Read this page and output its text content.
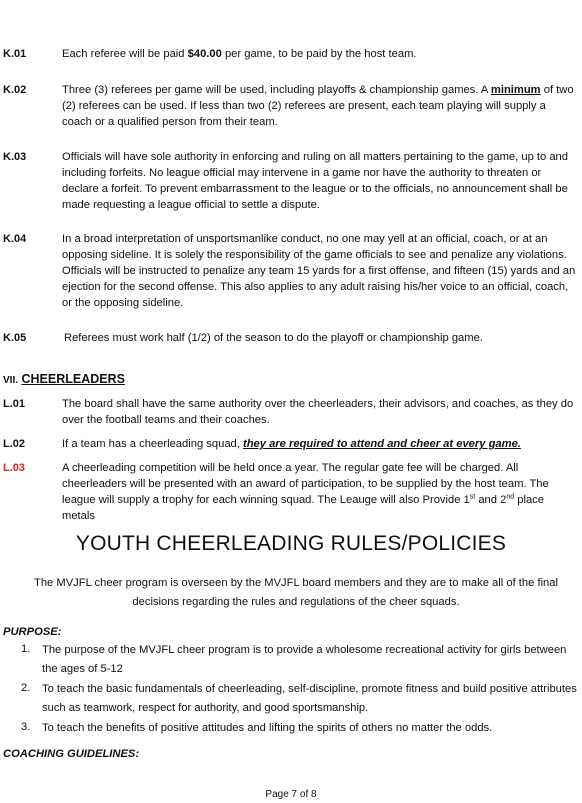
K.01	Each referee will be paid $40.00 per game, to be paid by the host team.
K.02	Three (3) referees per game will be used, including playoffs & championship games. A minimum of two (2) referees can be used. If less than two (2) referees are present, each team playing will supply a coach or a qualified person from their team.
K.03	Officials will have sole authority in enforcing and ruling on all matters pertaining to the game, up to and including forfeits. No league official may intervene in a game nor have the authority to threaten or declare a forfeit. To prevent embarrassment to the league or to the officials, no announcement shall be made requesting a league official to settle a dispute.
K.04	In a broad interpretation of unsportsmanlike conduct, no one may yell at an official, coach, or at an opposing sideline. It is solely the responsibility of the game officials to see and penalize any violations. Officials will be instructed to penalize any team 15 yards for a first offense, and fifteen (15) yards and an ejection for the second offense. This also applies to any adult raising his/her voice to an official, coach, or the opposing sideline.
K.05	Referees must work half (1/2) of the season to do the playoff or championship game.
VII. CHEERLEADERS
L.01	The board shall have the same authority over the cheerleaders, their advisors, and coaches, as they do over the football teams and their coaches.
L.02	If a team has a cheerleading squad, they are required to attend and cheer at every game.
L.03	A cheerleading competition will be held once a year. The regular gate fee will be charged. All cheerleaders will be presented with an award of participation, to be supplied by the host team. The league will supply a trophy for each winning squad. The Leauge will also Provide 1st and 2nd place metals
YOUTH CHEERLEADING RULES/POLICIES
The MVJFL cheer program is overseen by the MVJFL board members and they are to make all of the final decisions regarding the rules and regulations of the cheer squads.
PURPOSE:
1. The purpose of the MVJFL cheer program is to provide a wholesome recreational activity for girls between the ages of 5-12
2. To teach the basic fundamentals of cheerleading, self-discipline, promote fitness and build positive attributes such as teamwork, respect for authority, and good sportsmanship.
3. To teach the benefits of positive attitudes and lifting the spirits of others no matter the odds.
COACHING GUIDELINES:
Page 7 of 8
